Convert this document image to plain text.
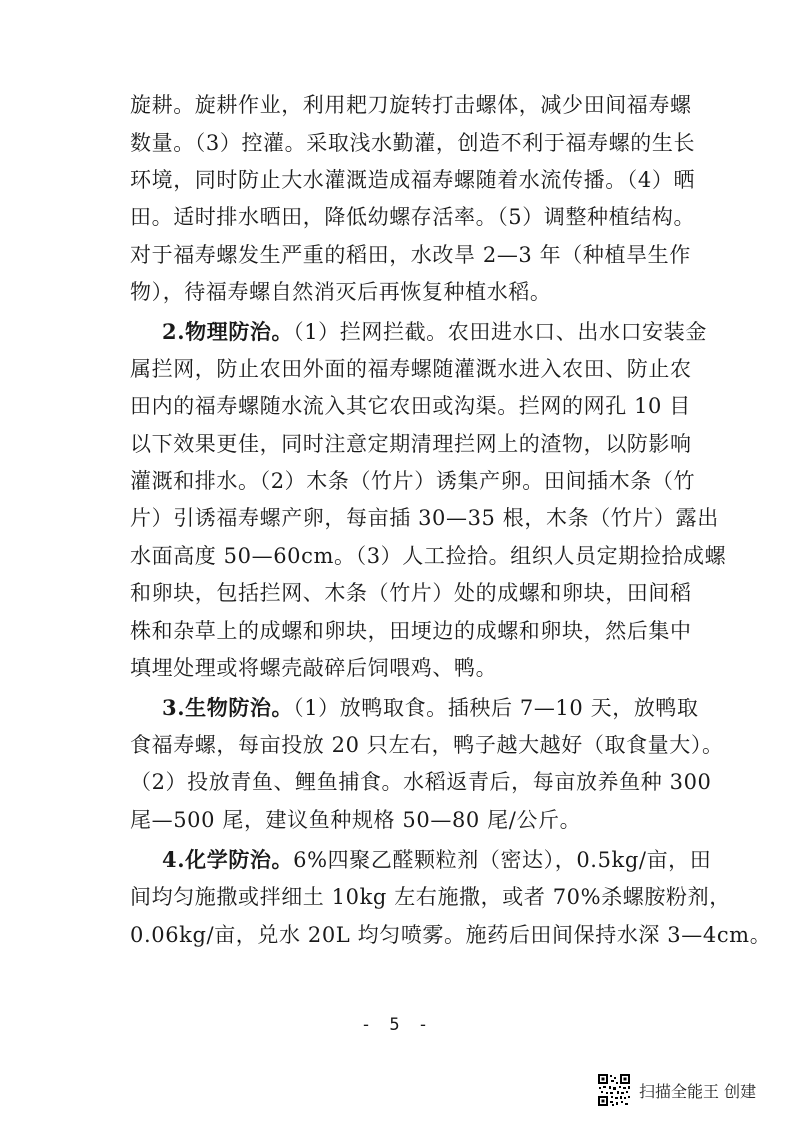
旋耕。旋耕作业，利用耙刀旋转打击螺体，减少田间福寿螺
数量。（3）控灌。采取浅水勤灌，创造不利于福寿螺的生长
环境，同时防止大水灌溉造成福寿螺随着水流传播。（4）晒
田。适时排水晒田，降低幼螺存活率。（5）调整种植结构。
对于福寿螺发生严重的稻田，水改旱 2—3 年（种植旱生作
物），待福寿螺自然消灭后再恢复种植水稻。
2.物理防治。（1）拦网拦截。农田进水口、出水口安装金
属拦网，防止农田外面的福寿螺随灌溉水进入农田、防止农
田内的福寿螺随水流入其它农田或沟渠。拦网的网孔 10 目
以下效果更佳，同时注意定期清理拦网上的渣物，以防影响
灌溉和排水。（2）木条（竹片）诱集产卵。田间插木条（竹
片）引诱福寿螺产卵，每亩插 30—35 根，木条（竹片）露出
水面高度 50—60cm。（3）人工捡拾。组织人员定期捡拾成螺
和卵块，包括拦网、木条（竹片）处的成螺和卵块，田间稻
株和杂草上的成螺和卵块，田埂边的成螺和卵块，然后集中
填埋处理或将螺壳敲碎后饲喂鸡、鸭。
3.生物防治。（1）放鸭取食。插秧后 7—10 天，放鸭取
食福寿螺，每亩投放 20 只左右，鸭子越大越好（取食量大）。
（2）投放青鱼、鲤鱼捕食。水稻返青后，每亩放养鱼种 300
尾—500 尾，建议鱼种规格 50—80 尾/公斤。
4.化学防治。6%四聚乙醛颗粒剂（密达），0.5kg/亩，田
间均匀施撒或拌细土 10kg 左右施撒，或者 70%杀螺胺粉剂，
0.06kg/亩，兑水 20L 均匀喷雾。施药后田间保持水深 3—4cm。
- 5 -
扫描全能王 创建
